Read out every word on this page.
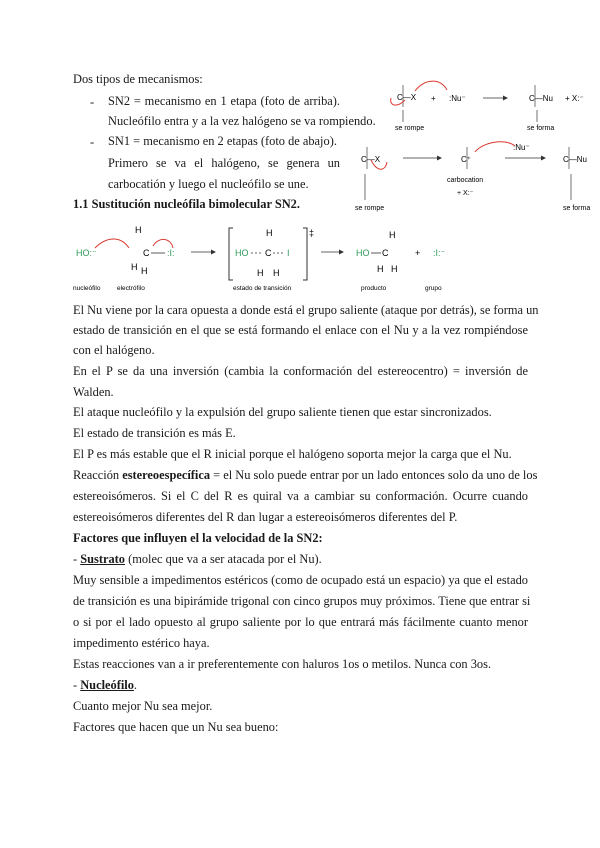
Dos tipos de mecanismos:
- SN2 = mecanismo en 1 etapa (foto de arriba).
Nucleófilo entra y a la vez halógeno se va rompiendo.
- SN1 = mecanismo en 2 etapas (foto de abajo).
Primero se va el halógeno, se genera un
carbocatión y luego el nucleófilo se une.
C—X + :Nu⁻	C—Nu + X:⁻
se rompe	se forma
C—X	C⁺
carbocation
+ X:⁻
:Nu⁻
C—Nu
se rompe	se forma
1.1 Sustitución nucleófila bimolecular SN2.
HO:⁻
H
H H
C :I:
‡
HO C I
H
H H
HO C
H
H H
+ :I:⁻
nucleófilo	electrófilo	estado de transición	producto	grupo
El Nu viene por la cara opuesta a donde está el grupo saliente (ataque por detrás), se forma un
estado de transición en el que se está formando el enlace con el Nu y a la vez rompiéndose
con el halógeno.
En el P se da una inversión (cambia la conformación del estereocentro) = inversión de
Walden.
El ataque nucleófilo y la expulsión del grupo saliente tienen que estar sincronizados.
El estado de transición es más E.
El P es más estable que el R inicial porque el halógeno soporta mejor la carga que el Nu.
Reacción estereoespecífica = el Nu solo puede entrar por un lado entonces solo da uno de los
estereoisómeros. Si el C del R es quiral va a cambiar su conformación. Ocurre cuando
estereoisómeros diferentes del R dan lugar a estereoisómeros diferentes del P.
Factores que influyen el la velocidad de la SN2:
- Sustrato (molec que va a ser atacada por el Nu).
Muy sensible a impedimentos estéricos (como de ocupado está un espacio) ya que el estado
de transición es una bipirámide trigonal con cinco grupos muy próximos. Tiene que entrar si
o si por el lado opuesto al grupo saliente por lo que entrará más fácilmente cuanto menor
impedimento estérico haya.
Estas reacciones van a ir preferentemente con haluros 1os o metilos. Nunca con 3os.
- Nucleófilo.
Cuanto mejor Nu sea mejor.
Factores que hacen que un Nu sea bueno:
